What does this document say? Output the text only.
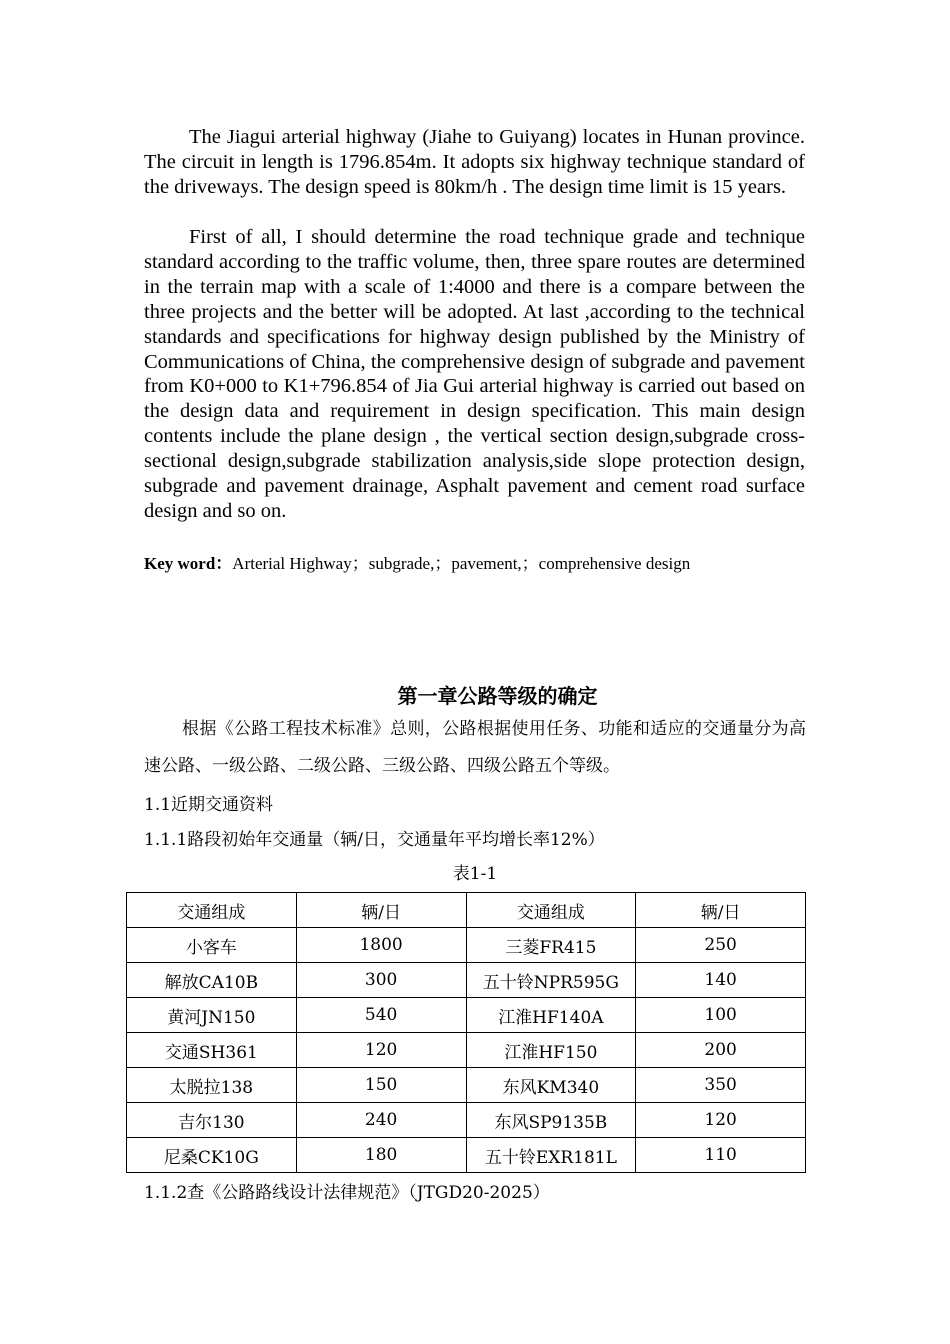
The Jiagui arterial highway (Jiahe to Guiyang) locates in Hunan province. The circuit in length is 1796.854m. It adopts six highway technique standard of the driveways. The design speed is 80km/h . The design time limit is 15 years.

First of all, I should determine the road technique grade and technique standard according to the traffic volume, then, three spare routes are determined in the terrain map with a scale of 1:4000 and there is a compare between the three projects and the better will be adopted. At last ,according to the technical standards and specifications for highway design published by the Ministry of Communications of China, the comprehensive design of subgrade and pavement from K0+000 to K1+796.854 of Jia Gui arterial highway is carried out based on the design data and requirement in design specification. This main design contents include the plane design , the vertical section design,subgrade cross-sectional design,subgrade stabilization analysis,side slope protection design, subgrade and pavement drainage, Asphalt pavement and cement road surface design and so on.

Key word：Arterial Highway；subgrade,；pavement,；comprehensive design
第一章公路等级的确定

根据《公路工程技术标准》总则，公路根据使用任务、功能和适应的交通量分为高速公路、一级公路、二级公路、三级公路、四级公路五个等级。

1.1近期交通资料
1.1.1路段初始年交通量（辆/日，交通量年平均增长率12%）
表1-1
交通组成	辆/日	交通组成	辆/日
小客车	1800	三菱FR415	250
解放CA10B	300	五十铃NPR595G	140
黄河JN150	540	江淮HF140A	100
交通SH361	120	江淮HF150	200
太脱拉138	150	东风KM340	350
吉尔130	240	东风SP9135B	120
尼桑CK10G	180	五十铃EXR181L	110
1.1.2查《公路路线设计法律规范》（JTGD20-2025）
